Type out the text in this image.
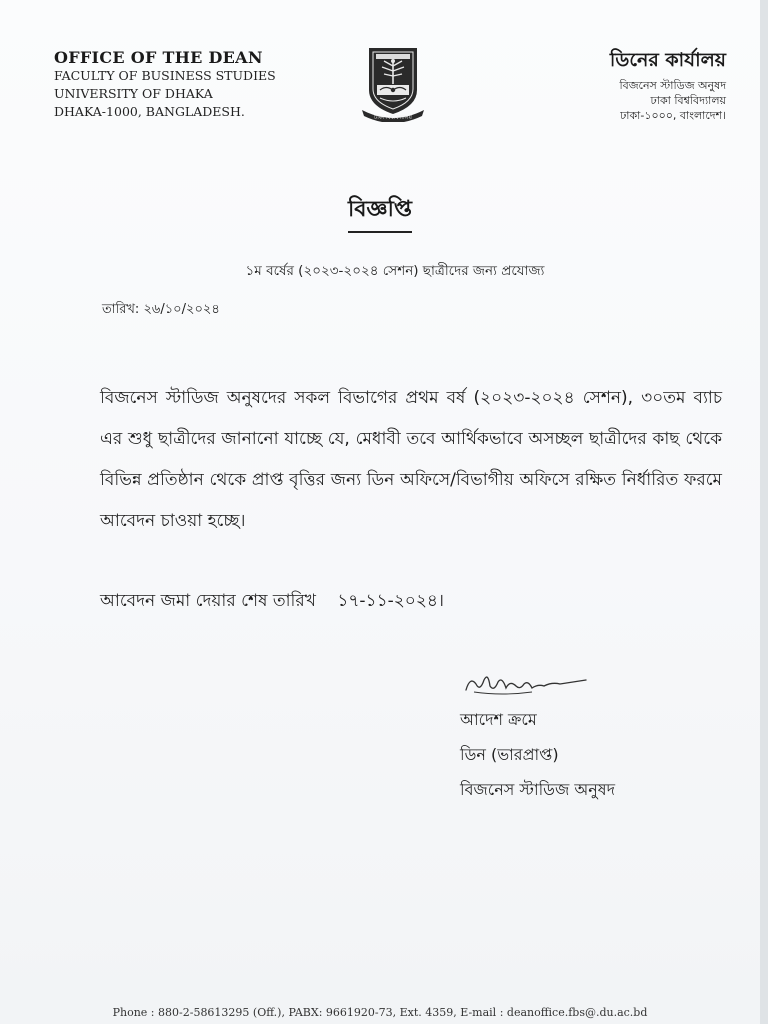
OFFICE OF THE DEAN
FACULTY OF BUSINESS STUDIES
UNIVERSITY OF DHAKA
DHAKA-1000, BANGLADESH.	ঢাকা বিশ্ববিদ্যালয়
ডিনের কার্যালয়
বিজনেস স্টাডিজ অনুষদ
ঢাকা বিশ্ববিদ্যালয়
ঢাকা-১০০০, বাংলাদেশ।
বিজ্ঞপ্তি
১ম বর্ষের (২০২৩-২০২৪ সেশন) ছাত্রীদের জন্য প্রযোজ্য
তারিখ: ২৬/১০/২০২৪
বিজনেস স্টাডিজ অনুষদের সকল বিভাগের প্রথম বর্ষ (২০২৩-২০২৪ সেশন), ৩০তম ব্যাচ এর শুধু ছাত্রীদের জানানো যাচ্ছে যে, মেধাবী তবে আর্থিকভাবে অসচ্ছল ছাত্রীদের কাছ থেকে বিভিন্ন প্রতিষ্ঠান থেকে প্রাপ্ত বৃত্তির জন্য ডিন অফিসে/বিভাগীয় অফিসে রক্ষিত নির্ধারিত ফরমে আবেদন চাওয়া হচ্ছে।
আবেদন জমা দেয়ার শেষ তারিখ ১৭-১১-২০২৪।
আদেশ ক্রমে
ডিন (ভারপ্রাপ্ত)
বিজনেস স্টাডিজ অনুষদ
Phone : 880-2-58613295 (Off.), PABX: 9661920-73, Ext. 4359, E-mail : deanoffice.fbs@.du.ac.bd
